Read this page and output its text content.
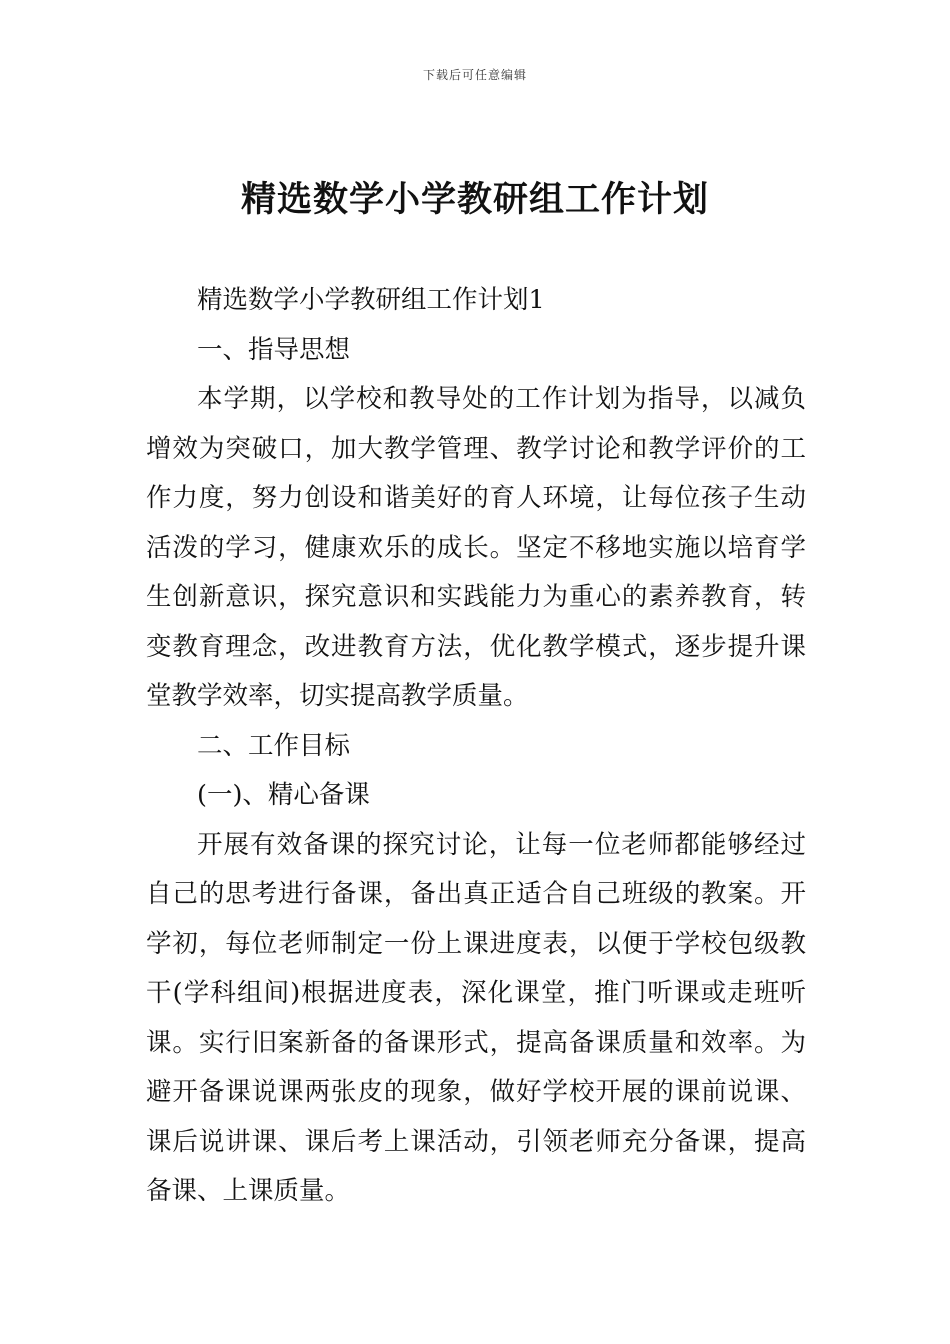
下载后可任意编辑
精选数学小学教研组工作计划

精选数学小学教研组工作计划1

一、指导思想

本学期，以学校和教导处的工作计划为指导，以减负增效为突破口，加大教学管理、教学讨论和教学评价的工作力度，努力创设和谐美好的育人环境，让每位孩子生动活泼的学习，健康欢乐的成长。坚定不移地实施以培育学生创新意识，探究意识和实践能力为重心的素养教育，转变教育理念，改进教育方法，优化教学模式，逐步提升课堂教学效率，切实提高教学质量。

二、工作目标

(一)、精心备课

开展有效备课的探究讨论，让每一位老师都能够经过自己的思考进行备课，备出真正适合自己班级的教案。开学初，每位老师制定一份上课进度表，以便于学校包级教干(学科组间)根据进度表，深化课堂，推门听课或走班听课。实行旧案新备的备课形式，提高备课质量和效率。为避开备课说课两张皮的现象，做好学校开展的课前说课、课后说讲课、课后考上课活动，引领老师充分备课，提高备课、上课质量。
